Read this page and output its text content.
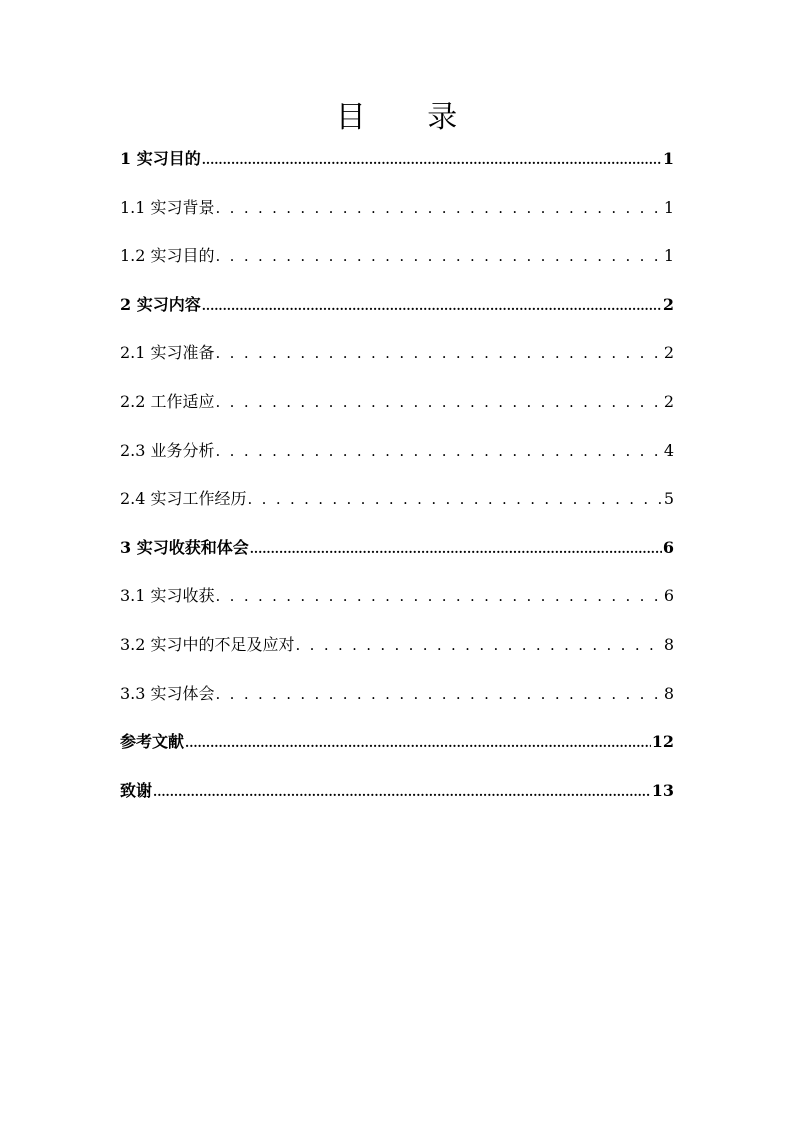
目 录
1 实习目的 .....	1
1.1 实习背景 . . .	1
1.2 实习目的 . . .	1
2 实习内容 .....	2
2.1 实习准备 . . .	2
2.2 工作适应 . . .	2
2.3 业务分析 . . .	4
2.4 实习工作经历 . . .	5
3 实习收获和体会 .....	6
3.1 实习收获 . . .	6
3.2 实习中的不足及应对 . . .	8
3.3 实习体会 . . .	8
参考文献 .....	12
致谢 .....	13
